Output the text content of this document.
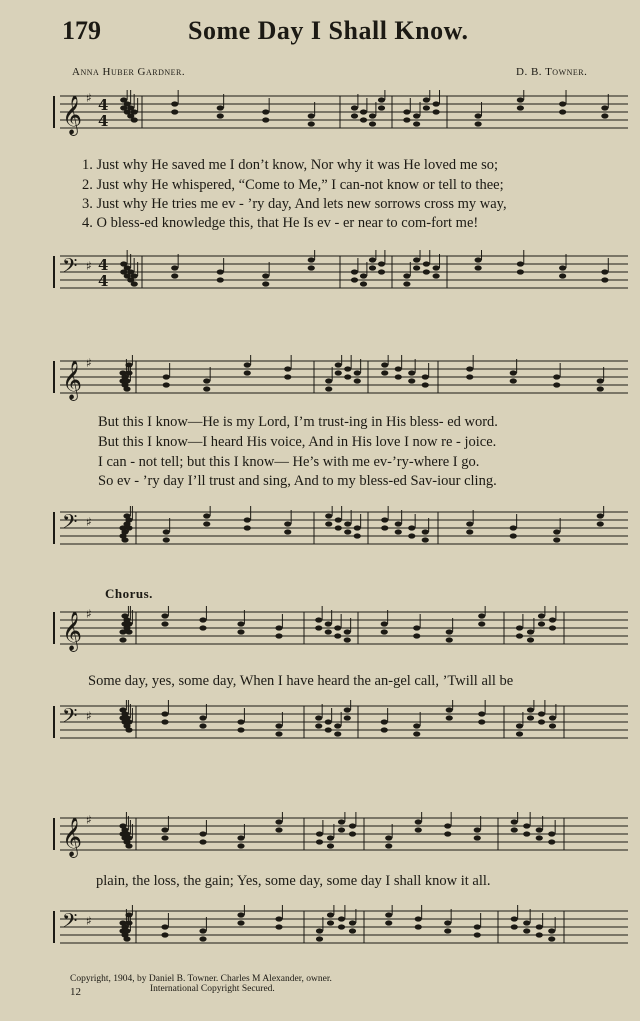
179	Some Day I Shall Know.
Anna Huber Gardner.	D. B. Towner.
𝄞 ♯ 4
4
1. Just why He saved me I don’t know, Nor why it was He loved me so;
2. Just why He whispered, “Come to Me,” I can-not know or tell to thee;
3. Just why He tries me ev - ’ry day, And lets new sorrows cross my way,
4. O bless-ed knowledge this, that He Is ev - er near to com-fort me!
𝄢 ♯ 4
4
𝄞 ♯
But this I know—He is my Lord, I’m trust-ing in His bless- ed word.
But this I know—I heard His voice, And in His love I now re - joice.
I can - not tell; but this I know— He’s with me ev-’ry-where I go.
So ev - ’ry day I’ll trust and sing, And to my bless-ed Sav-iour cling.
𝄢 ♯
Chorus.
𝄞 ♯
Some day, yes, some day, When I have heard the an-gel call, ’Twill all be
𝄢 ♯
𝄞 ♯
plain, the loss, the gain; Yes, some day, some day I shall know it all.
𝄢 ♯
Copyright, 1904, by Daniel B. Towner. Charles M Alexander, owner.
International Copyright Secured.
12
